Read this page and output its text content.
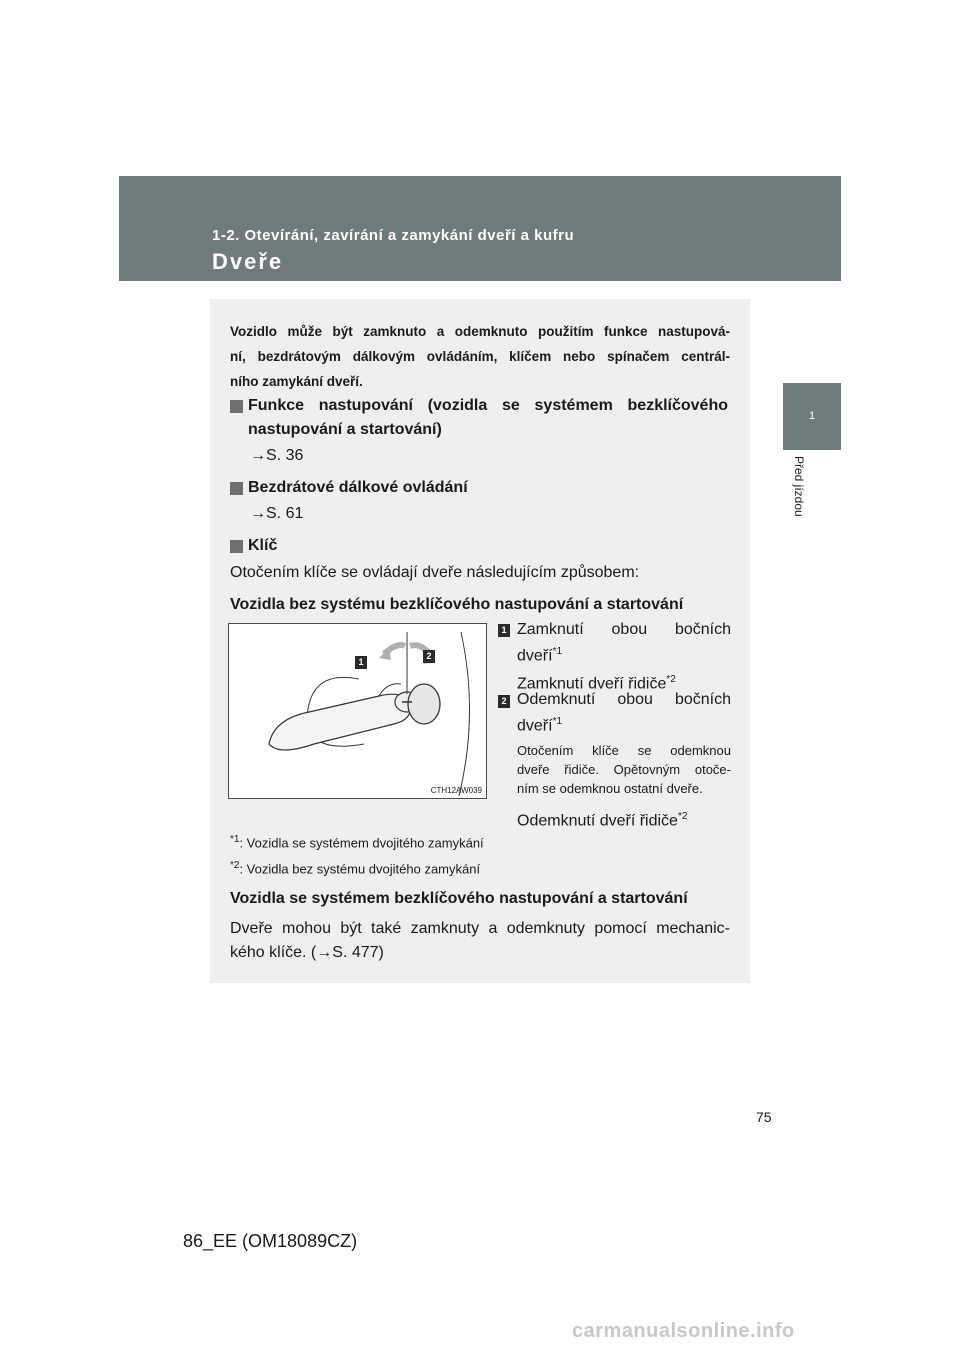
1-2. Otevírání, zavírání a zamykání dveří a kufru
Dveře
1
Před jízdou
Vozidlo může být zamknuto a odemknuto použitím funkce nastupová-
ní, bezdrátovým dálkovým ovládáním, klíčem nebo spínačem centrál-
ního zamykání dveří.
Funkce nastupování (vozidla se systémem bezklíčového
nastupování a startování)
→S. 36
Bezdrátové dálkové ovládání
→S. 61
Klíč
Otočením klíče se ovládají dveře následujícím způsobem:
Vozidla bez systému bezklíčového nastupování a startování
1
2
CTH12AW039
1 Zamknutí obou bočních
dveří$^{*1}$
Zamknutí dveří řidiče$^{*2}$
2 Odemknutí obou bočních
dveří$^{*1}$
Otočením klíče se odemknou
dveře řidiče. Opětovným otoče-
ním se odemknou ostatní dveře.
Odemknutí dveří řidiče$^{*2}$
$^{*1}$: Vozidla se systémem dvojitého zamykání
$^{*2}$: Vozidla bez systému dvojitého zamykání
Vozidla se systémem bezklíčového nastupování a startování
Dveře mohou být také zamknuty a odemknuty pomocí mechanic-
kého klíče. (→S. 477)
75
86_EE (OM18089CZ)
carmanualsonline.info
